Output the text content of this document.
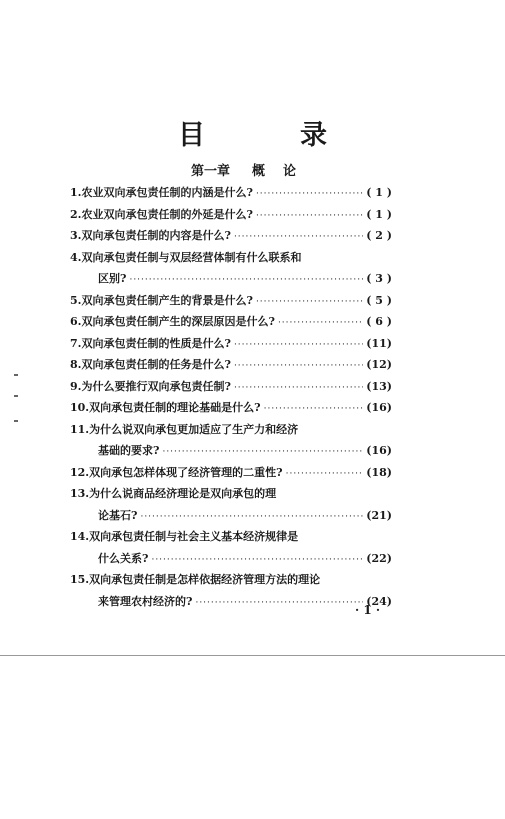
目　录
第一章 概论
1.农业双向承包责任制的内涵是什么? ·····	( 1 )
2.农业双向承包责任制的外延是什么? ·····	( 1 )
3.双向承包责任制的内容是什么? ·····	( 2 )
4.双向承包责任制与双层经营体制有什么联系和
区别? ·····	( 3 )
5.双向承包责任制产生的背景是什么? ·····	( 5 )
6.双向承包责任制产生的深层原因是什么? ·····	( 6 )
7.双向承包责任制的性质是什么? ·····	(11)
8.双向承包责任制的任务是什么? ·····	(12)
9.为什么要推行双向承包责任制? ·····	(13)
10.双向承包责任制的理论基础是什么? ·····	(16)
11.为什么说双向承包更加适应了生产力和经济
基础的要求? ·····	(16)
12.双向承包怎样体现了经济管理的二重性? ·····	(18)
13.为什么说商品经济理论是双向承包的理
论基石? ·····	(21)
14.双向承包责任制与社会主义基本经济规律是
什么关系? ·····	(22)
15.双向承包责任制是怎样依据经济管理方法的理论
来管理农村经济的? ·····	(24)
· 1 ·
